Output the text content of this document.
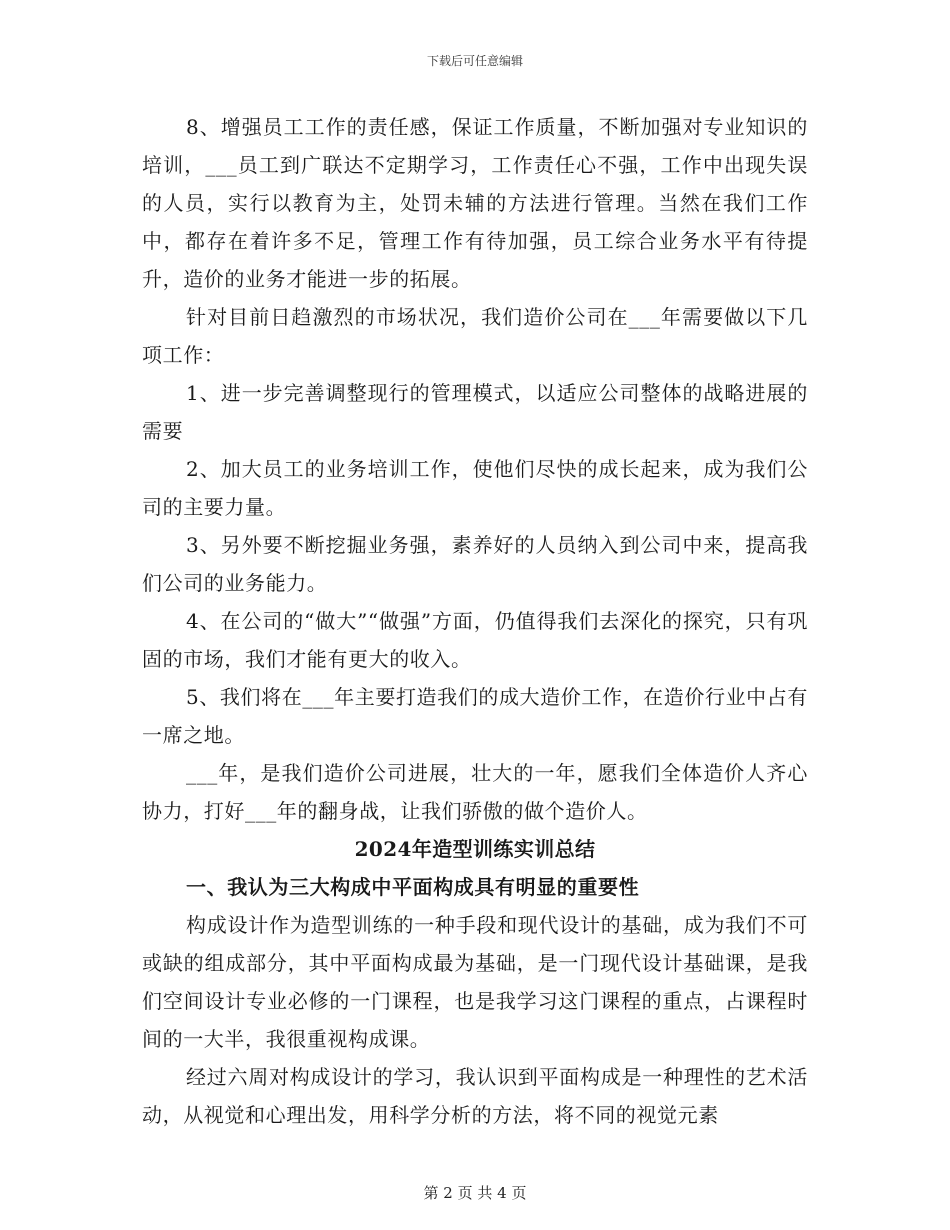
下载后可任意编辑

8、增强员工工作的责任感，保证工作质量，不断加强对专业知识的培训，___员工到广联达不定期学习，工作责任心不强，工作中出现失误的人员，实行以教育为主，处罚未辅的方法进行管理。当然在我们工作中，都存在着许多不足，管理工作有待加强，员工综合业务水平有待提升，造价的业务才能进一步的拓展。

针对目前日趋激烈的市场状况，我们造价公司在___年需要做以下几项工作：

1、进一步完善调整现行的管理模式，以适应公司整体的战略进展的需要

2、加大员工的业务培训工作，使他们尽快的成长起来，成为我们公司的主要力量。

3、另外要不断挖掘业务强，素养好的人员纳入到公司中来，提高我们公司的业务能力。

4、在公司的“做大”“做强”方面，仍值得我们去深化的探究，只有巩固的市场，我们才能有更大的收入。

5、我们将在___年主要打造我们的成大造价工作，在造价行业中占有一席之地。

___年，是我们造价公司进展，壮大的一年，愿我们全体造价人齐心协力，打好___年的翻身战，让我们骄傲的做个造价人。

2024年造型训练实训总结

一、我认为三大构成中平面构成具有明显的重要性

构成设计作为造型训练的一种手段和现代设计的基础，成为我们不可或缺的组成部分，其中平面构成最为基础，是一门现代设计基础课，是我们空间设计专业必修的一门课程，也是我学习这门课程的重点，占课程时间的一大半，我很重视构成课。

经过六周对构成设计的学习，我认识到平面构成是一种理性的艺术活动，从视觉和心理出发，用科学分析的方法，将不同的视觉元素

第 2 页 共 4 页
